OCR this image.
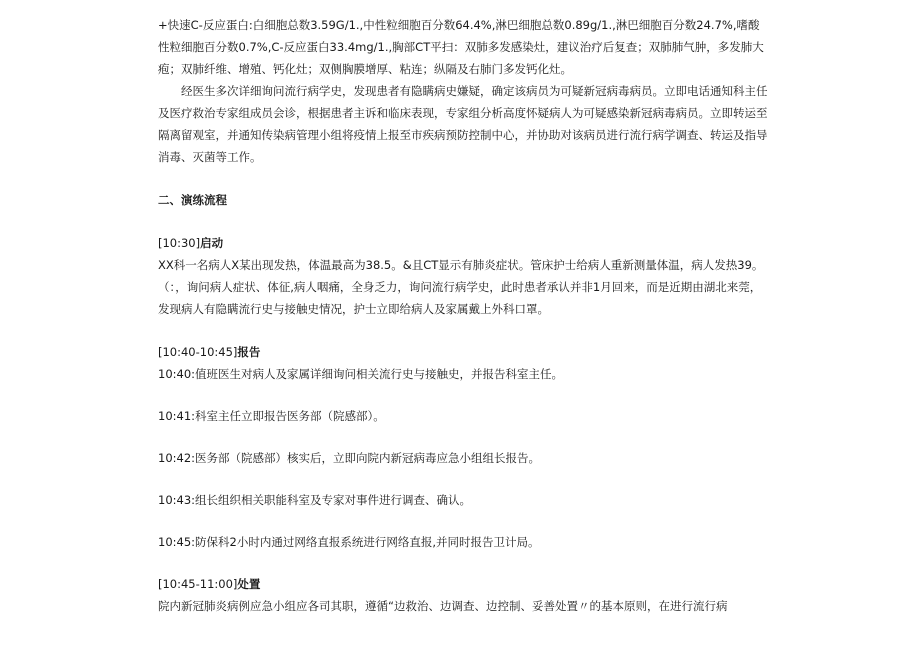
+快速C-反应蛋白:白细胞总数3.59G/1.,中性粒细胞百分数64.4%,淋巴细胞总数0.89g/1.,淋巴细胞百分数24.7%,嗜酸性粒细胞百分数0.7%,C-反应蛋白33.4mg/1.,胸部CT平扫：双肺多发感染灶，建议治疗后复查；双肺肺气肿，多发肺大疱；双肺纤维、增殖、钙化灶；双侧胸膜增厚、粘连；纵隔及右肺门多发钙化灶。

经医生多次详细询问流行病学史，发现患者有隐瞒病史嫌疑，确定该病员为可疑新冠病毒病员。立即电话通知科主任及医疗救治专家组成员会诊，根据患者主诉和临床表现，专家组分析高度怀疑病人为可疑感染新冠病毒病员。立即转运至隔离留观室，并通知传染病管理小组将疫情上报至市疾病预防控制中心，并协助对该病员进行流行病学调查、转运及指导消毒、灭菌等工作。

二、演练流程

[10:30]启动

XX科一名病人X某出现发热，体温最高为38.5。&且CT显示有肺炎症状。管床护士给病人重新测量体温，病人发热39。（：，询问病人症状、体征,病人咽痛，全身乏力，询问流行病学史，此时患者承认并非1月回来，而是近期由湖北来莞，发现病人有隐瞒流行史与接触史情况，护士立即给病人及家属戴上外科口罩。

[10:40-10:45]报告

10:40:值班医生对病人及家属详细询问相关流行史与接触史，并报告科室主任。

10:41:科室主任立即报告医务部（院感部）。

10:42:医务部（院感部）核实后，立即向院内新冠病毒应急小组组长报告。

10:43:组长组织相关职能科室及专家对事件进行调查、确认。

10:45:防保科2小时内通过网络直报系统进行网络直报,并同时报告卫计局。

[10:45-11:00]处置

院内新冠肺炎病例应急小组应各司其职，遵循“边救治、边调查、边控制、妥善处置〃的基本原则，在进行流行病
